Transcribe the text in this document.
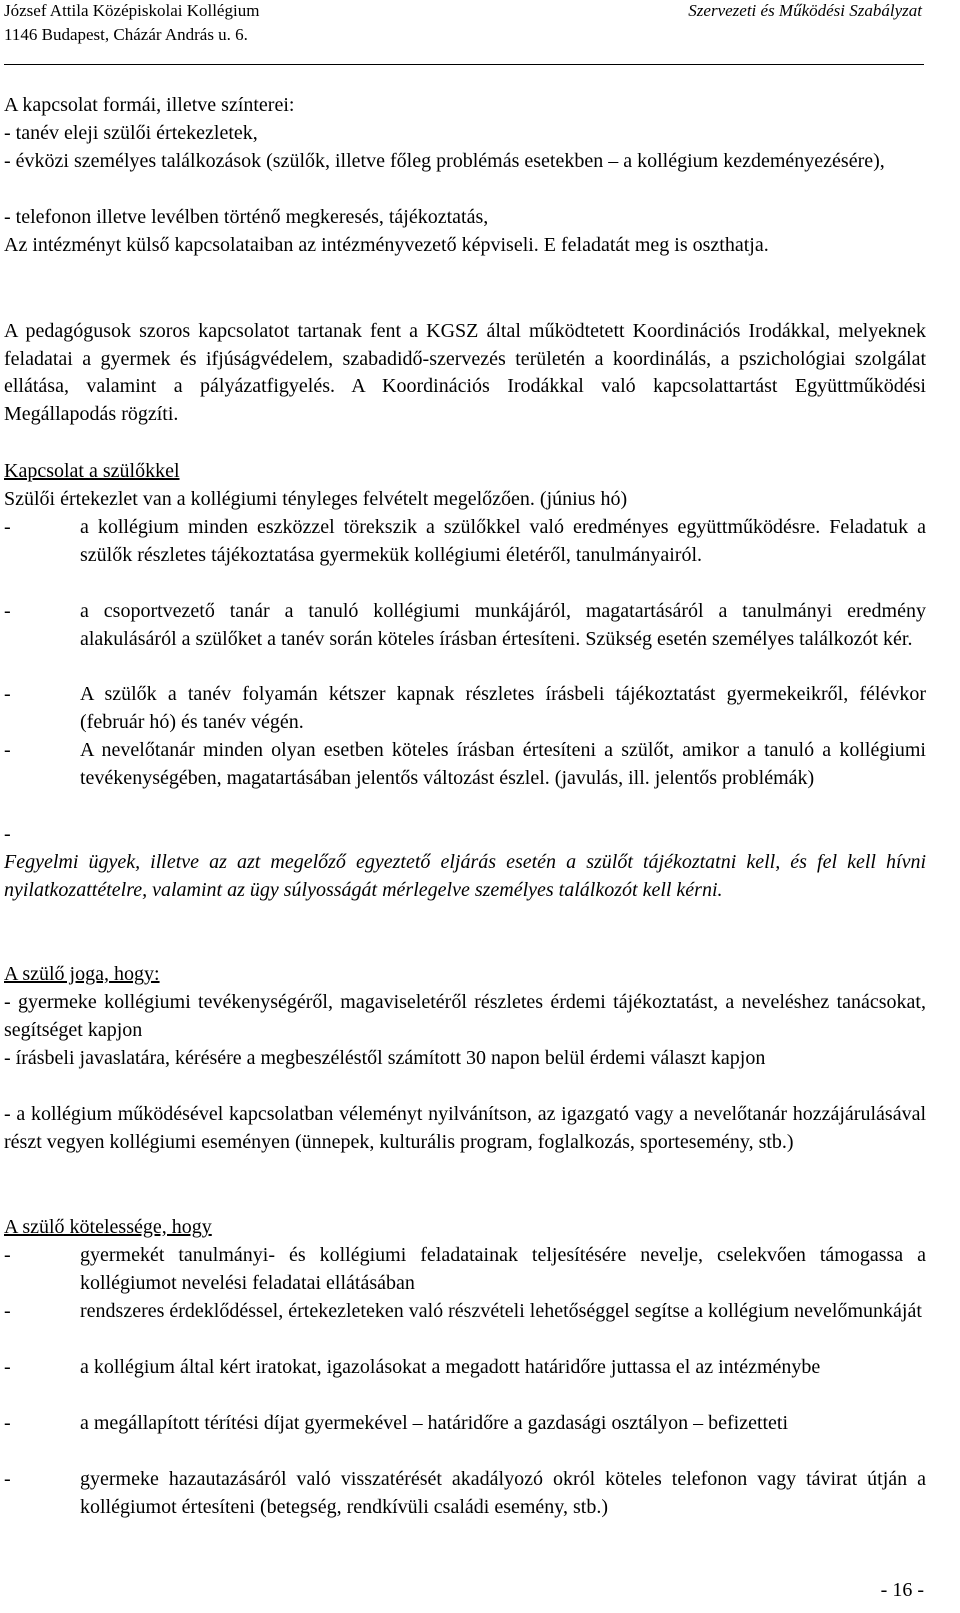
József Attila Középiskolai Kollégium
1146 Budapest, Cházár András u. 6.
Szervezeti és Működési Szabályzat
A kapcsolat formái, illetve színterei:
- tanév eleji szülői értekezletek,
- évközi személyes találkozások (szülők, illetve főleg problémás esetekben – a kollégium kezdeményezésére),
- telefonon illetve levélben történő megkeresés, tájékoztatás,
Az intézményt külső kapcsolataiban az intézményvezető képviseli. E feladatát meg is oszthatja.
A pedagógusok szoros kapcsolatot tartanak fent a KGSZ által működtetett Koordinációs Irodákkal, melyeknek feladatai a gyermek és ifjúságvédelem, szabadidő-szervezés területén a koordinálás, a pszichológiai szolgálat ellátása, valamint a pályázatfigyelés. A Koordinációs Irodákkal való kapcsolattartást Együttműködési Megállapodás rögzíti.
Kapcsolat a szülőkkel
Szülői értekezlet van a kollégiumi tényleges felvételt megelőzően. (június hó)
-	a kollégium minden eszközzel törekszik a szülőkkel való eredményes együttműködésre. Feladatuk a szülők részletes tájékoztatása gyermekük kollégiumi életéről, tanulmányairól.
-	a csoportvezető tanár a tanuló kollégiumi munkájáról, magatartásáról a tanulmányi eredmény alakulásáról a szülőket a tanév során köteles írásban értesíteni. Szükség esetén személyes találkozót kér.
-	A szülők a tanév folyamán kétszer kapnak részletes írásbeli tájékoztatást gyermekeikről, félévkor (február hó) és tanév végén.
-	A nevelőtanár minden olyan esetben köteles írásban értesíteni a szülőt, amikor a tanuló a kollégiumi tevékenységében, magatartásában jelentős változást észlel. (javulás, ill. jelentős problémák)
-
Fegyelmi ügyek, illetve az azt megelőző egyeztető eljárás esetén a szülőt tájékoztatni kell, és fel kell hívni nyilatkozattételre, valamint az ügy súlyosságát mérlegelve személyes találkozót kell kérni.
A szülő joga, hogy:
- gyermeke kollégiumi tevékenységéről, magaviseletéről részletes érdemi tájékoztatást, a neveléshez tanácsokat, segítséget kapjon
- írásbeli javaslatára, kérésére a megbeszéléstől számított 30 napon belül érdemi választ kapjon
- a kollégium működésével kapcsolatban véleményt nyilvánítson, az igazgató vagy a nevelőtanár hozzájárulásával részt vegyen kollégiumi eseményen (ünnepek, kulturális program, foglalkozás, sportesemény, stb.)
A szülő kötelessége, hogy
-	gyermekét tanulmányi- és kollégiumi feladatainak teljesítésére nevelje, cselekvően támogassa a kollégiumot nevelési feladatai ellátásában
-	rendszeres érdeklődéssel, értekezleteken való részvételi lehetőséggel segítse a kollégium nevelőmunkáját
-	a kollégium által kért iratokat, igazolásokat a megadott határidőre juttassa el az intézménybe
-	a megállapított térítési díjat gyermekével – határidőre a gazdasági osztályon – befizetteti
-	gyermeke hazautazásáról való visszatérését akadályozó okról köteles telefonon vagy távirat útján a kollégiumot értesíteni (betegség, rendkívüli családi esemény, stb.)
- 16 -
